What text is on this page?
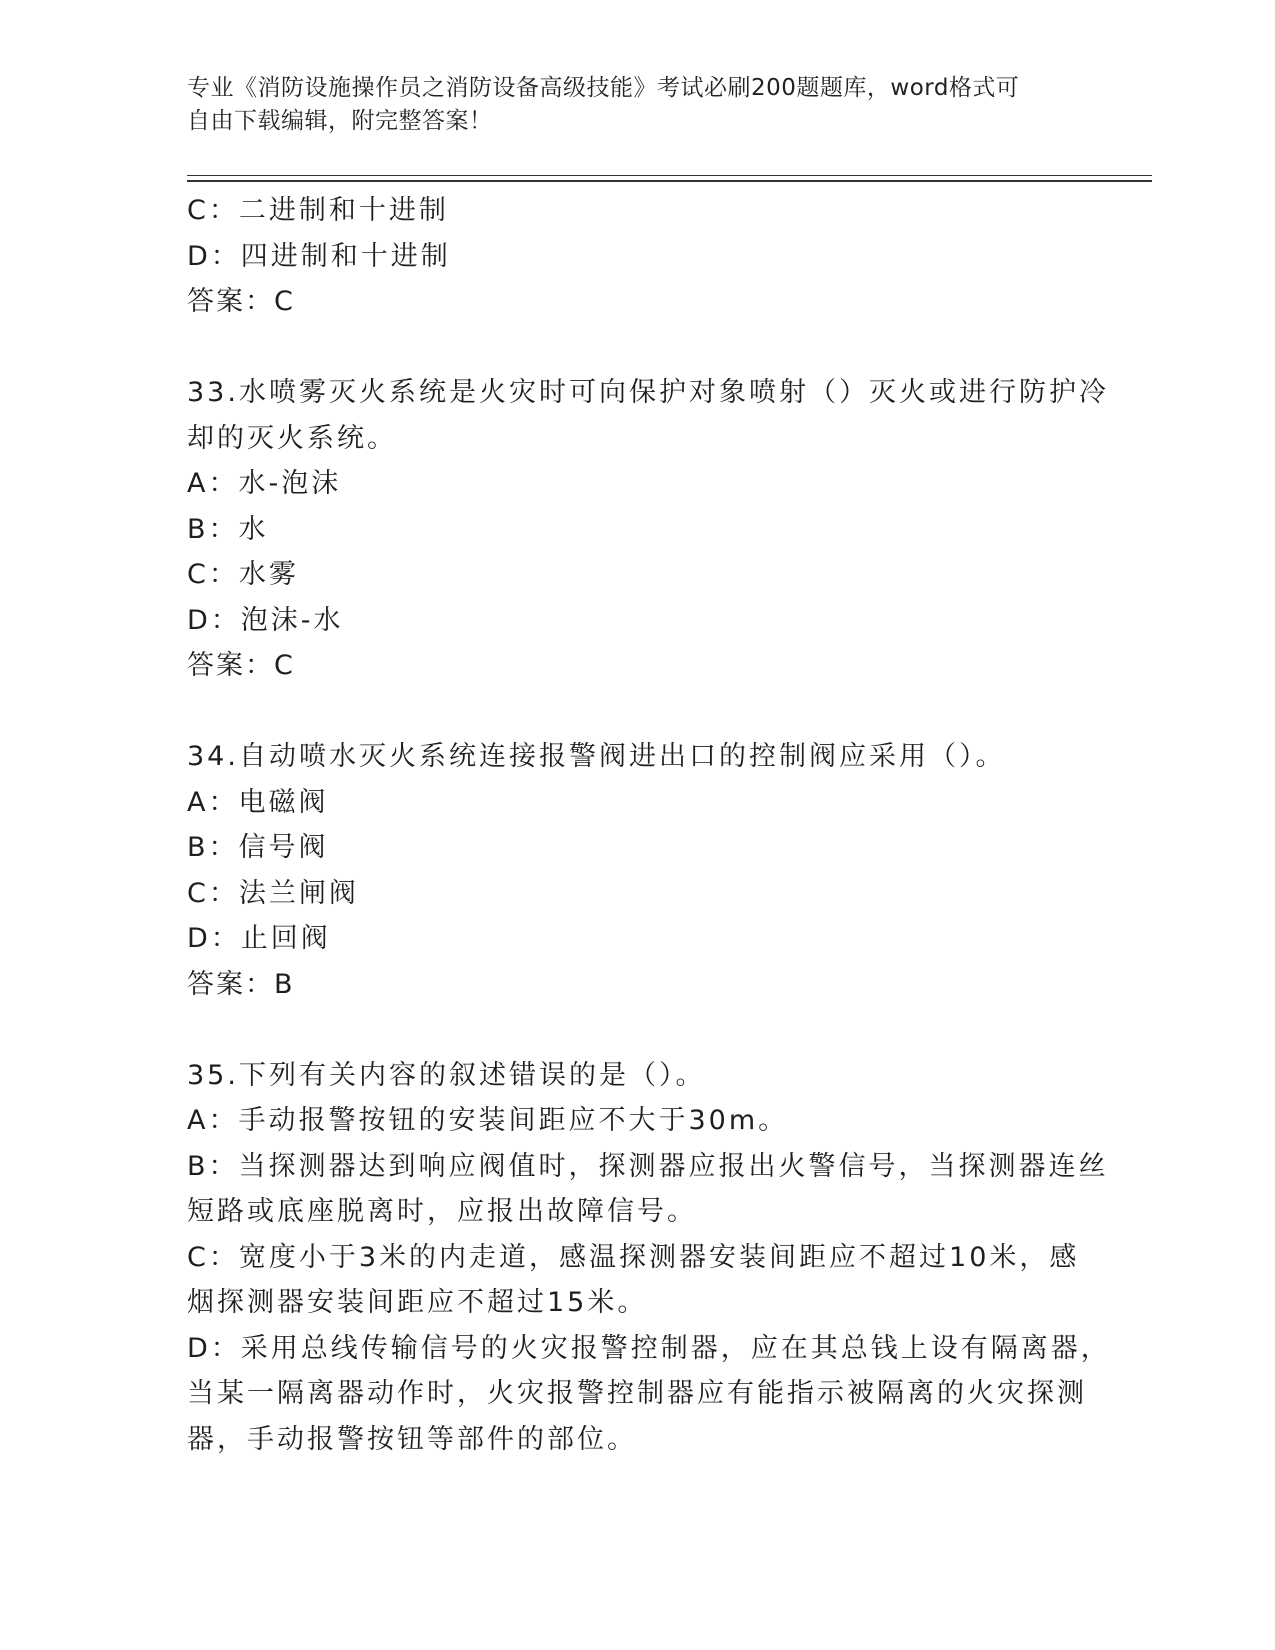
专业《消防设施操作员之消防设备高级技能》考试必刷200题题库，word格式可
自由下载编辑，附完整答案！
C：二进制和十进制
D：四进制和十进制
答案：C
33.水喷雾灭火系统是火灾时可向保护对象喷射（）灭火或进行防护冷
却的灭火系统。
A：水-泡沫
B：水
C：水雾
D：泡沫-水
答案：C
34.自动喷水灭火系统连接报警阀进出口的控制阀应采用（）。
A：电磁阀
B：信号阀
C：法兰闸阀
D：止回阀
答案：B
35.下列有关内容的叙述错误的是（）。
A：手动报警按钮的安装间距应不大于30m。
B：当探测器达到响应阀值时，探测器应报出火警信号，当探测器连丝
短路或底座脱离时，应报出故障信号。
C：宽度小于3米的内走道，感温探测器安装间距应不超过10米，感
烟探测器安装间距应不超过15米。
D：采用总线传输信号的火灾报警控制器，应在其总钱上设有隔离器，
当某一隔离器动作时，火灾报警控制器应有能指示被隔离的火灾探测
器，手动报警按钮等部件的部位。
